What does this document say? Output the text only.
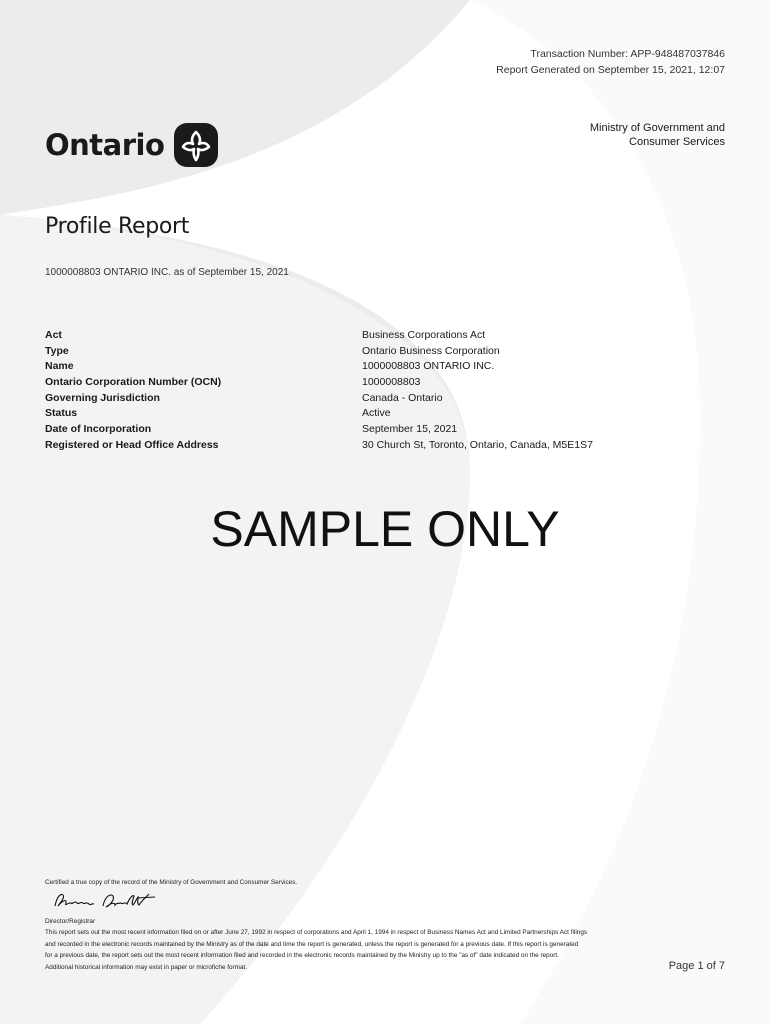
Transaction Number: APP-948487037846
Report Generated on September 15, 2021, 12:07
Ontario	Ministry of Government and
Consumer Services
Profile Report
1000008803 ONTARIO INC. as of September 15, 2021
Act	Business Corporations Act
Type	Ontario Business Corporation
Name	1000008803 ONTARIO INC.
Ontario Corporation Number (OCN)	1000008803
Governing Jurisdiction	Canada - Ontario
Status	Active
Date of Incorporation	September 15, 2021
Registered or Head Office Address	30 Church St, Toronto, Ontario, Canada, M5E1S7
SAMPLE ONLY
Certified a true copy of the record of the Ministry of Government and Consumer Services.
Director/Registrar
This report sets out the most recent information filed on or after June 27, 1992 in respect of corporations and April 1, 1994 in respect of Business Names Act and Limited Partnerships Act filings
and recorded in the electronic records maintained by the Ministry as of the date and time the report is generated, unless the report is generated for a previous date. If this report is generated
for a previous date, the report sets out the most recent information filed and recorded in the electronic records maintained by the Ministry up to the "as of" date indicated on the report.
Additional historical information may exist in paper or microfiche format.	Page 1 of 7
